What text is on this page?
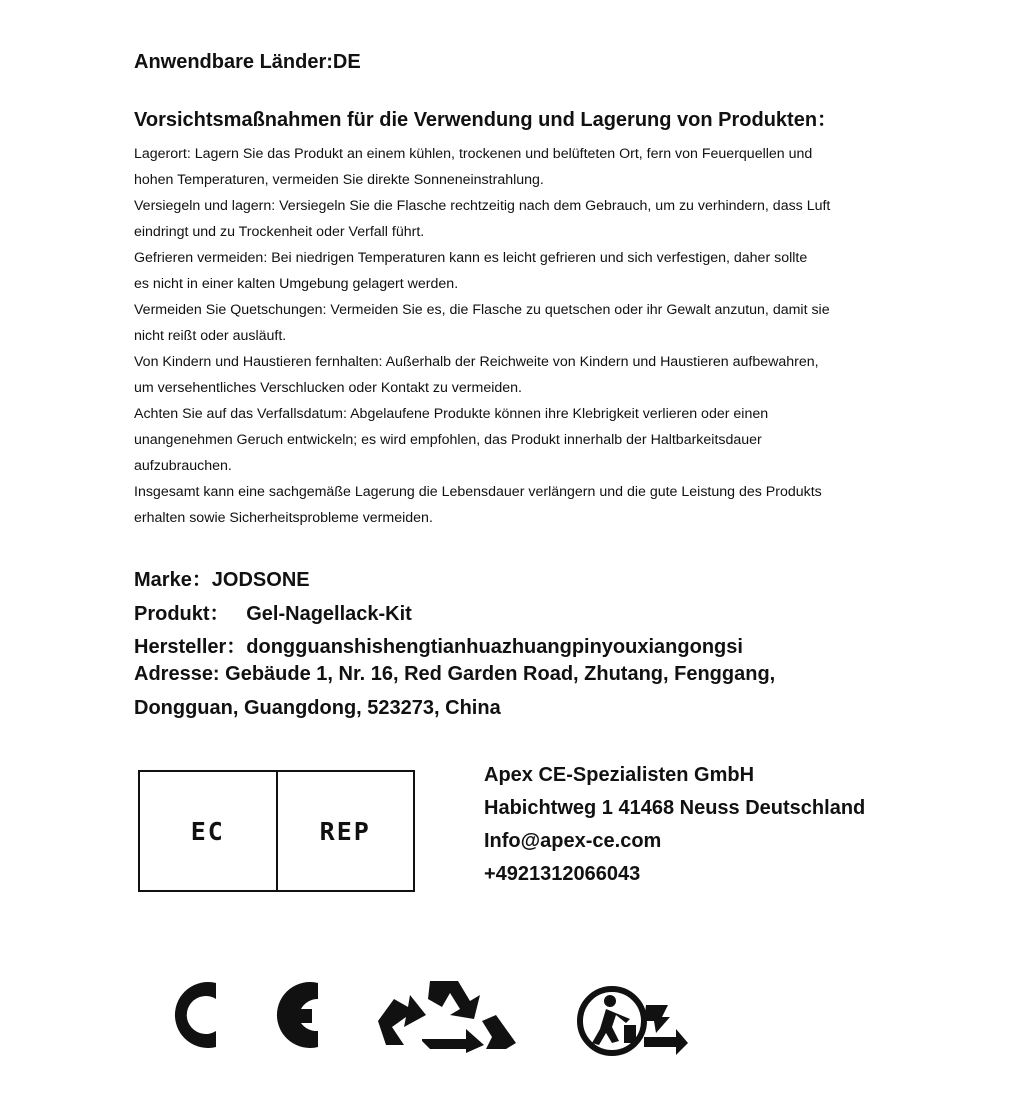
Anwendbare Länder:DE
Vorsichtsmaßnahmen für die Verwendung und Lagerung von Produkten：
Lagerort: Lagern Sie das Produkt an einem kühlen, trockenen und belüfteten Ort, fern von Feuerquellen und
hohen Temperaturen, vermeiden Sie direkte Sonneneinstrahlung.
Versiegeln und lagern: Versiegeln Sie die Flasche rechtzeitig nach dem Gebrauch, um zu verhindern, dass Luft
eindringt und zu Trockenheit oder Verfall führt.
Gefrieren vermeiden: Bei niedrigen Temperaturen kann es leicht gefrieren und sich verfestigen, daher sollte
es nicht in einer kalten Umgebung gelagert werden.
Vermeiden Sie Quetschungen: Vermeiden Sie es, die Flasche zu quetschen oder ihr Gewalt anzutun, damit sie
nicht reißt oder ausläuft.
Von Kindern und Haustieren fernhalten: Außerhalb der Reichweite von Kindern und Haustieren aufbewahren,
um versehentliches Verschlucken oder Kontakt zu vermeiden.
Achten Sie auf das Verfallsdatum: Abgelaufene Produkte können ihre Klebrigkeit verlieren oder einen
unangenehmen Geruch entwickeln; es wird empfohlen, das Produkt innerhalb der Haltbarkeitsdauer
aufzubrauchen.
Insgesamt kann eine sachgemäße Lagerung die Lebensdauer verlängern und die gute Leistung des Produkts
erhalten sowie Sicherheitsprobleme vermeiden.
Marke：JODSONE
Produkt：   Gel-Nagellack-Kit
Hersteller：dongguanshishengtianhuazhuangpinyouxiangongsi
Adresse: Gebäude 1, Nr. 16, Red Garden Road, Zhutang, Fenggang,
Dongguan, Guangdong, 523273, China
EC	REP
Apex CE-Spezialisten GmbH
Habichtweg 1 41468 Neuss Deutschland
Info@apex-ce.com
+4921312066043
